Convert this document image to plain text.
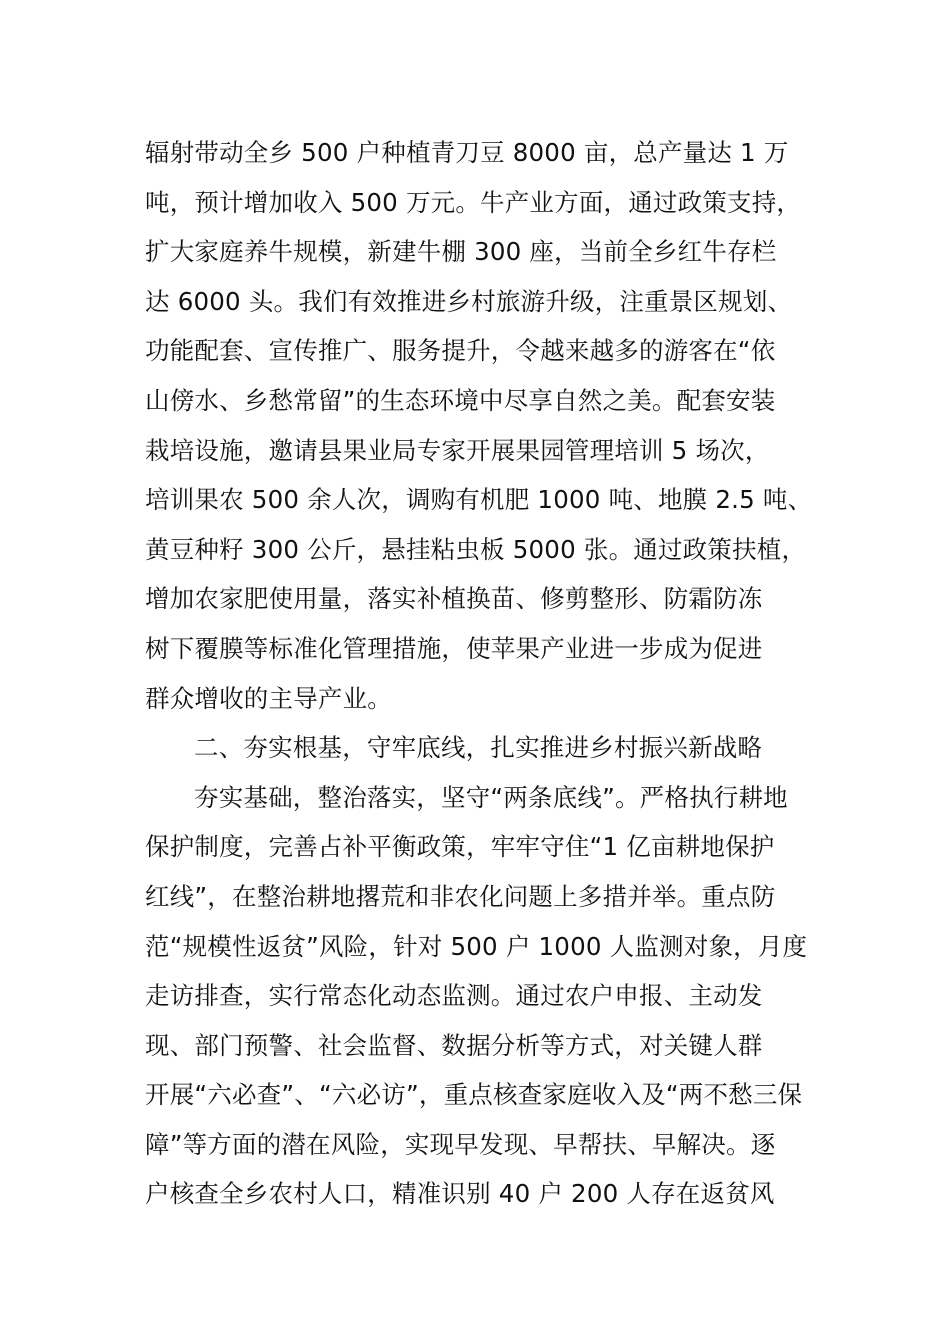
辐射带动全乡 500 户种植青刀豆 8000 亩，总产量达 1 万
吨，预计增加收入 500 万元。牛产业方面，通过政策支持，
扩大家庭养牛规模，新建牛棚 300 座，当前全乡红牛存栏
达 6000 头。我们有效推进乡村旅游升级，注重景区规划、
功能配套、宣传推广、服务提升，令越来越多的游客在“依
山傍水、乡愁常留”的生态环境中尽享自然之美。配套安装
栽培设施，邀请县果业局专家开展果园管理培训 5 场次，
培训果农 500 余人次，调购有机肥 1000 吨、地膜 2.5 吨、
黄豆种籽 300 公斤，悬挂粘虫板 5000 张。通过政策扶植，
增加农家肥使用量，落实补植换苗、修剪整形、防霜防冻
树下覆膜等标准化管理措施，使苹果产业进一步成为促进
群众增收的主导产业。
二、夯实根基，守牢底线，扎实推进乡村振兴新战略
夯实基础，整治落实，坚守“两条底线”。严格执行耕地
保护制度，完善占补平衡政策，牢牢守住“1 亿亩耕地保护
红线”，在整治耕地撂荒和非农化问题上多措并举。重点防
范“规模性返贫”风险，针对 500 户 1000 人监测对象，月度
走访排查，实行常态化动态监测。通过农户申报、主动发
现、部门预警、社会监督、数据分析等方式，对关键人群
开展“六必查”、“六必访”，重点核查家庭收入及“两不愁三保
障”等方面的潜在风险，实现早发现、早帮扶、早解决。逐
户核查全乡农村人口，精准识别 40 户 200 人存在返贫风
